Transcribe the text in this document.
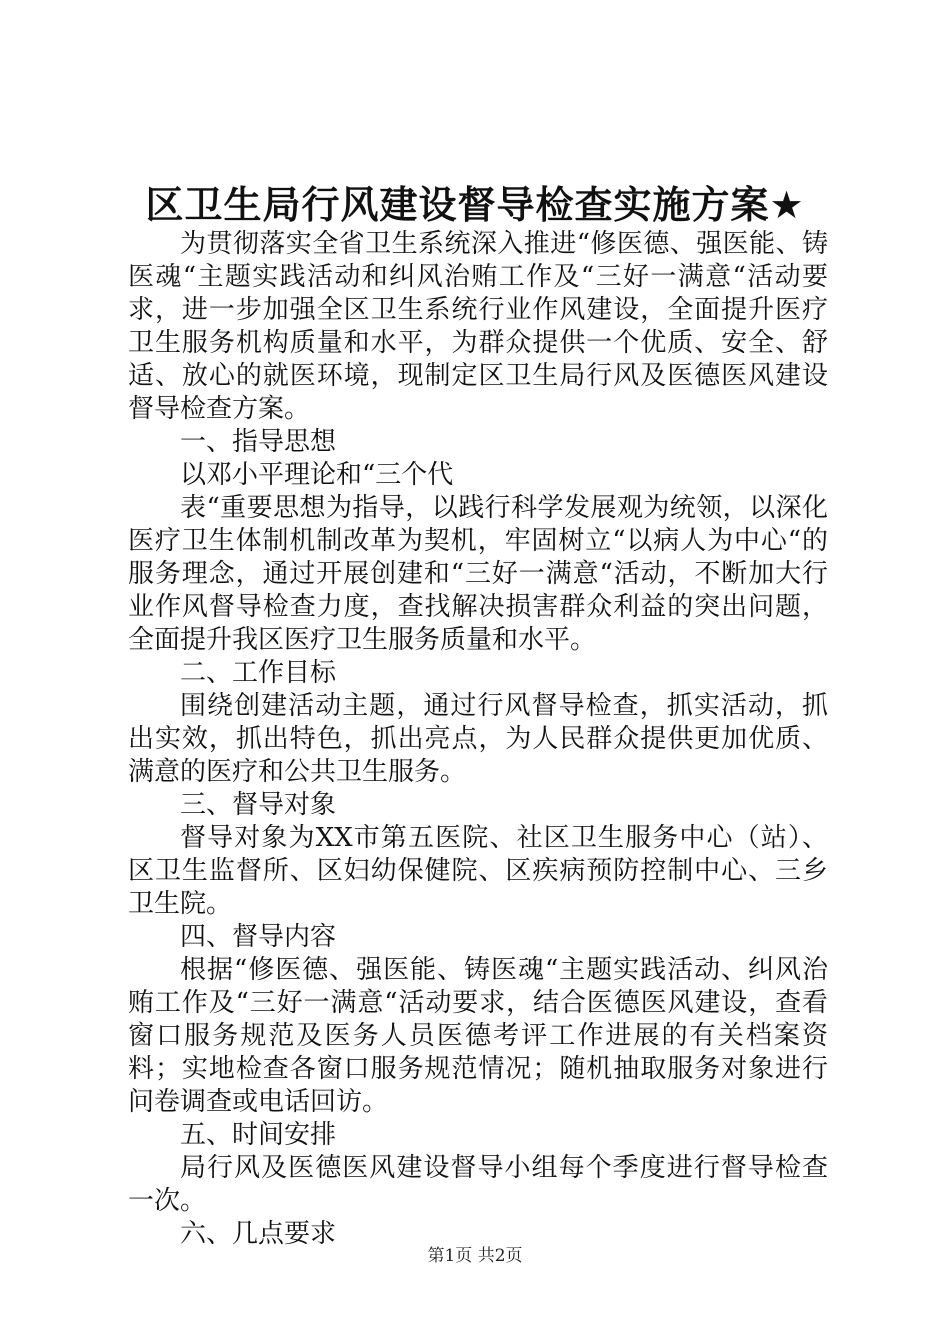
区卫生局行风建设督导检查实施方案★

为贯彻落实全省卫生系统深入推进“修医德、强医能、铸医魂“主题实践活动和纠风治贿工作及“三好一满意“活动要求，进一步加强全区卫生系统行业作风建设，全面提升医疗卫生服务机构质量和水平，为群众提供一个优质、安全、舒适、放心的就医环境，现制定区卫生局行风及医德医风建设督导检查方案。

一、指导思想

以邓小平理论和“三个代

表“重要思想为指导，以践行科学发展观为统领，以深化医疗卫生体制机制改革为契机，牢固树立“以病人为中心“的服务理念，通过开展创建和“三好一满意“活动，不断加大行业作风督导检查力度，查找解决损害群众利益的突出问题，全面提升我区医疗卫生服务质量和水平。

二、工作目标

围绕创建活动主题，通过行风督导检查，抓实活动，抓出实效，抓出特色，抓出亮点，为人民群众提供更加优质、满意的医疗和公共卫生服务。

三、督导对象

督导对象为XX市第五医院、社区卫生服务中心（站）、区卫生监督所、区妇幼保健院、区疾病预防控制中心、三乡卫生院。

四、督导内容

根据“修医德、强医能、铸医魂“主题实践活动、纠风治贿工作及“三好一满意“活动要求，结合医德医风建设，查看窗口服务规范及医务人员医德考评工作进展的有关档案资料；实地检查各窗口服务规范情况；随机抽取服务对象进行问卷调查或电话回访。

五、时间安排

局行风及医德医风建设督导小组每个季度进行督导检查一次。

六、几点要求

第1页 共2页
